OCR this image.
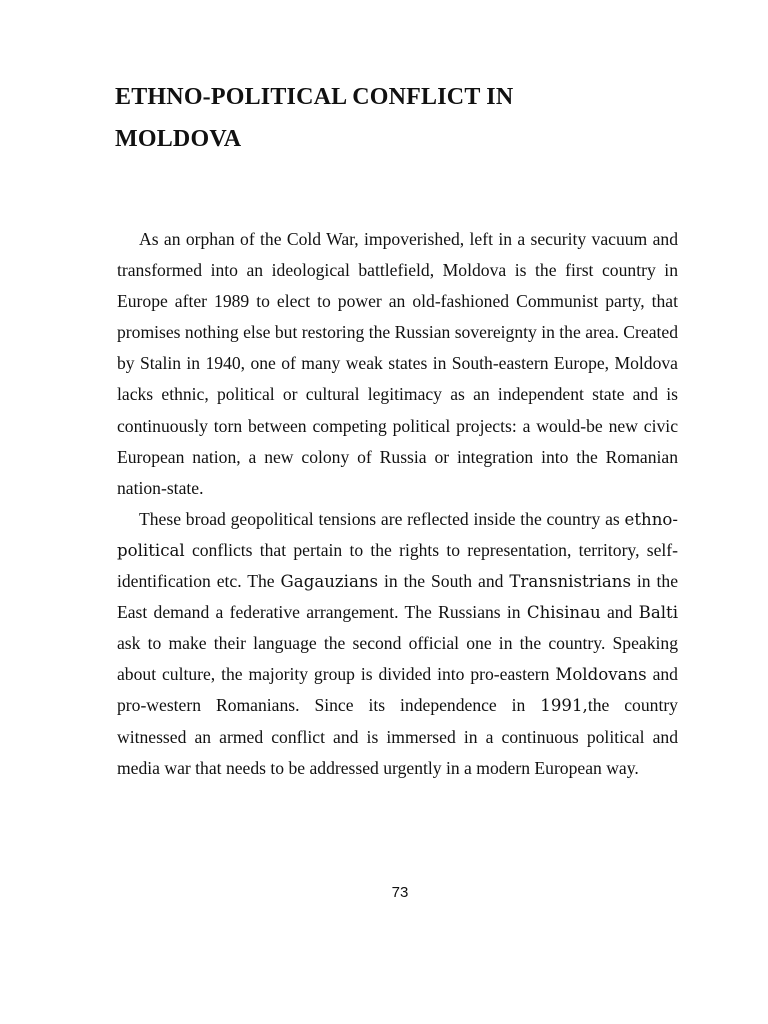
ETHNO-POLITICAL CONFLICT IN
MOLDOVA

As an orphan of the Cold War, impoverished, left in a security vacuum and transformed into an ideological battlefield, Moldova is the first country in Europe after 1989 to elect to power an old-fashioned Communist party, that promises nothing else but restoring the Russian sovereignty in the area. Created by Stalin in 1940, one of many weak states in South-eastern Europe, Moldova lacks ethnic, political or cultural legitimacy as an independent state and is continuously torn between competing political projects: a would-be new civic European nation, a new colony of Russia or integration into the Romanian nation-state.

These broad geopolitical tensions are reflected inside the country as ethno-political conflicts that pertain to the rights to representation, territory, self-identification etc. The Gagauzians in the South and Transnistrians in the East demand a federative arrangement. The Russians in Chisinau and Balti ask to make their language the second official one in the country. Speaking about culture, the majority group is divided into pro-eastern Moldovans and pro-western Romanians. Since its independence in 1991,the country witnessed an armed conflict and is immersed in a continuous political and media war that needs to be addressed urgently in a modern European way.

73
